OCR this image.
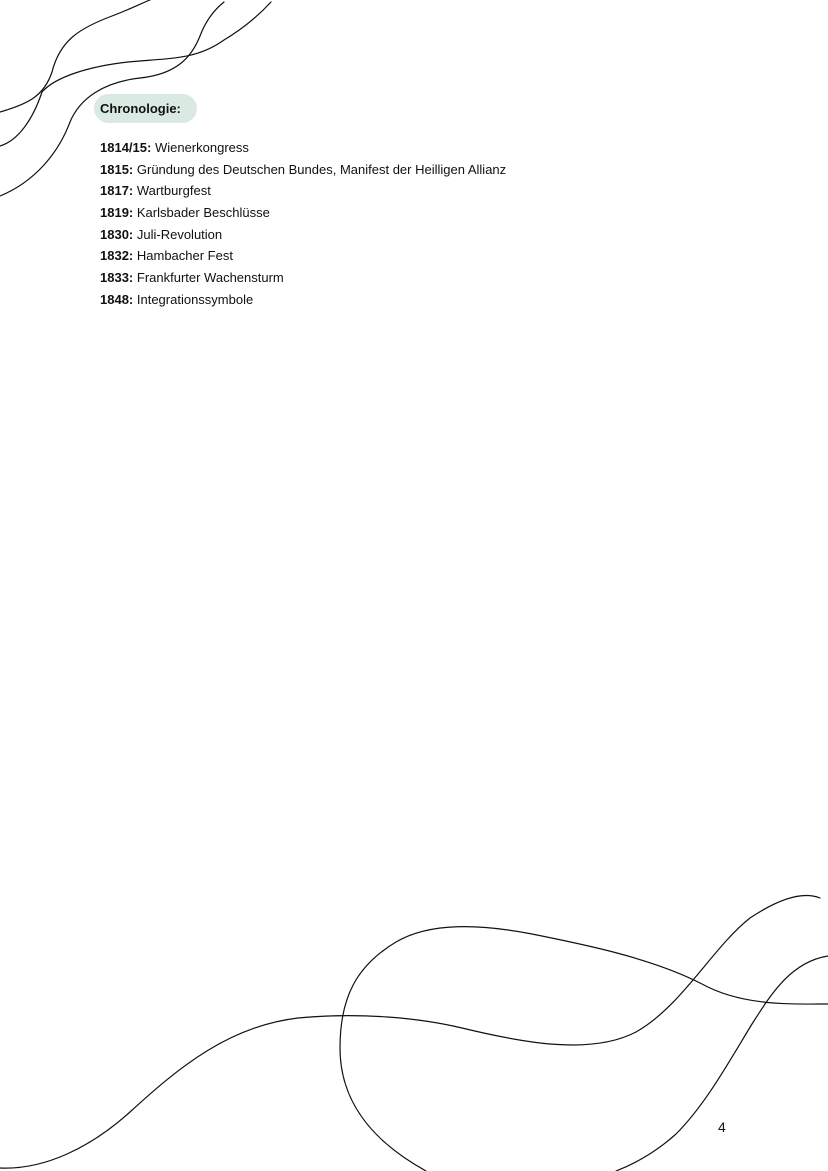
Chronologie:
1814/15: Wienerkongress
1815: Gründung des Deutschen Bundes, Manifest der Heilligen Allianz
1817: Wartburgfest
1819: Karlsbader Beschlüsse
1830: Juli-Revolution
1832: Hambacher Fest
1833: Frankfurter Wachensturm
1848: Integrationssymbole
4
